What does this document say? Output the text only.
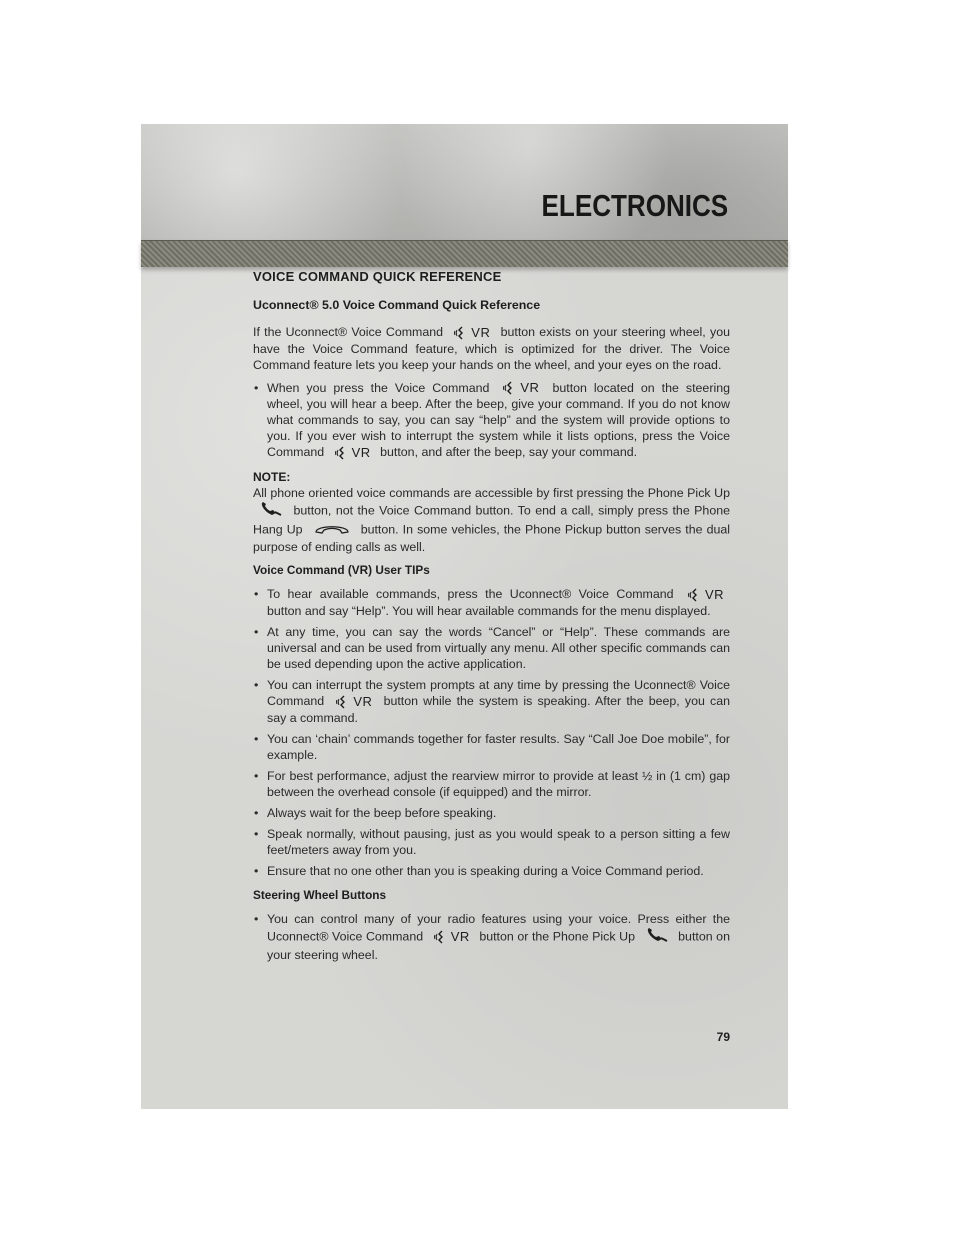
ELECTRONICS
VOICE COMMAND QUICK REFERENCE
Uconnect® 5.0 Voice Command Quick Reference

If the Uconnect® Voice Command VR button exists on your steering wheel, you have the Voice Command feature, which is optimized for the driver. The Voice Command feature lets you keep your hands on the wheel, and your eyes on the road.

• When you press the Voice Command VR button located on the steering wheel, you will hear a beep. After the beep, give your command. If you do not know what commands to say, you can say “help” and the system will provide options to you. If you ever wish to interrupt the system while it lists options, press the Voice Command VR button, and after the beep, say your command.

NOTE:
All phone oriented voice commands are accessible by first pressing the Phone Pick Up  button, not the Voice Command button. To end a call, simply press the Phone Hang Up	button. In some vehicles, the Phone Pickup button serves the dual purpose of ending calls as well.

Voice Command (VR) User TIPs
• To hear available commands, press the Uconnect® Voice Command VR
button and say “Help”. You will hear available commands for the menu displayed.
• At any time, you can say the words “Cancel” or “Help”. These commands are universal and can be used from virtually any menu. All other specific commands can be used depending upon the active application.
• You can interrupt the system prompts at any time by pressing the Uconnect® Voice Command VR button while the system is speaking. After the beep, you can say a command.
• You can ‘chain’ commands together for faster results. Say “Call Joe Doe mobile”, for example.
• For best performance, adjust the rearview mirror to provide at least ½ in (1 cm) gap between the overhead console (if equipped) and the mirror.
• Always wait for the beep before speaking.
• Speak normally, without pausing, just as you would speak to a person sitting a few feet/meters away from you.
• Ensure that no one other than you is speaking during a Voice Command period.
Steering Wheel Buttons
• You can control many of your radio features using your voice. Press either the Uconnect® Voice Command VR button or the Phone Pick Up	button on your steering wheel.
79
